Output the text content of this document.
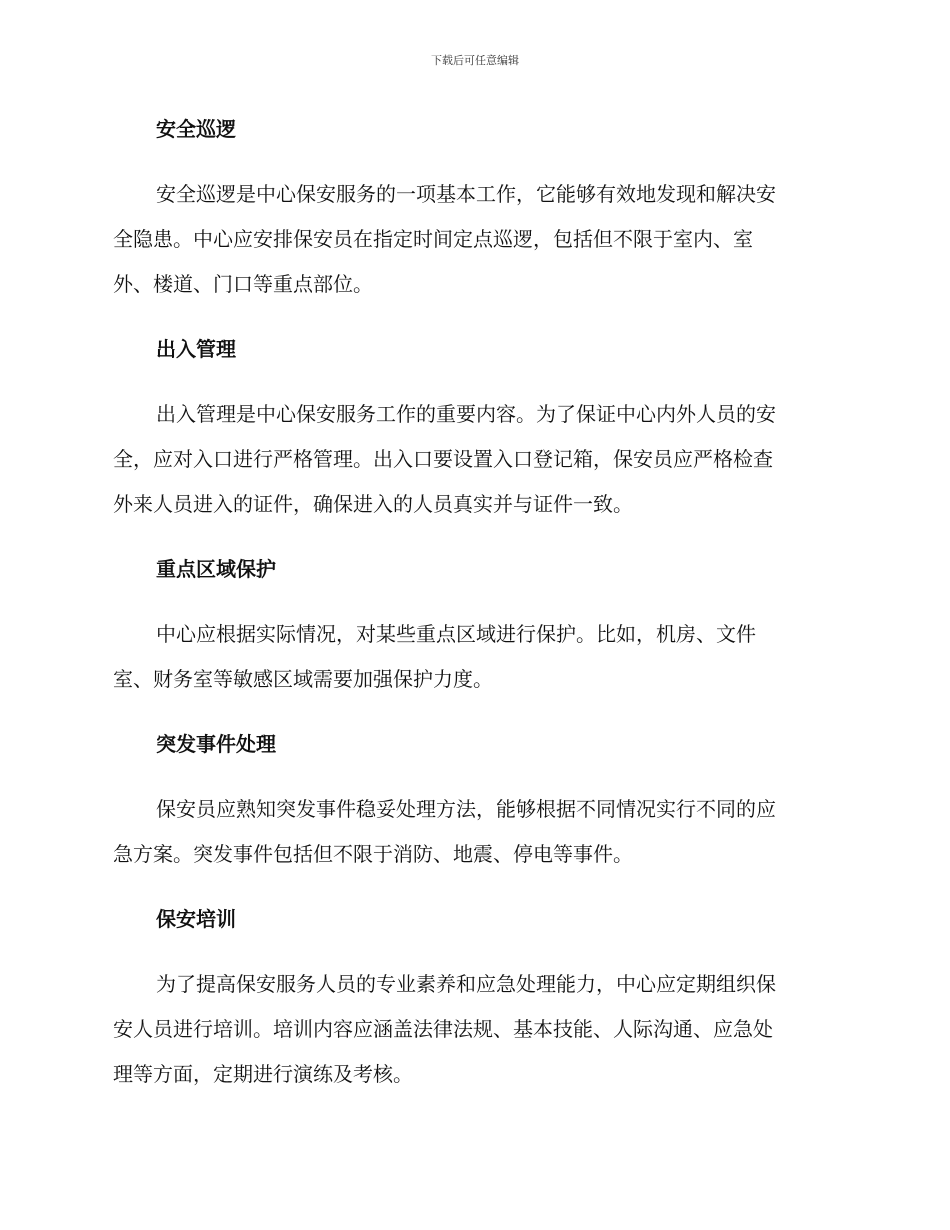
下载后可任意编辑
安全巡逻

安全巡逻是中心保安服务的一项基本工作，它能够有效地发现和解决安
全隐患。中心应安排保安员在指定时间定点巡逻，包括但不限于室内、室
外、楼道、门口等重点部位。

出入管理

出入管理是中心保安服务工作的重要内容。为了保证中心内外人员的安
全，应对入口进行严格管理。出入口要设置入口登记箱，保安员应严格检查
外来人员进入的证件，确保进入的人员真实并与证件一致。

重点区域保护

中心应根据实际情况，对某些重点区域进行保护。比如，机房、文件
室、财务室等敏感区域需要加强保护力度。

突发事件处理

保安员应熟知突发事件稳妥处理方法，能够根据不同情况实行不同的应
急方案。突发事件包括但不限于消防、地震、停电等事件。

保安培训

为了提高保安服务人员的专业素养和应急处理能力，中心应定期组织保
安人员进行培训。培训内容应涵盖法律法规、基本技能、人际沟通、应急处
理等方面，定期进行演练及考核。
